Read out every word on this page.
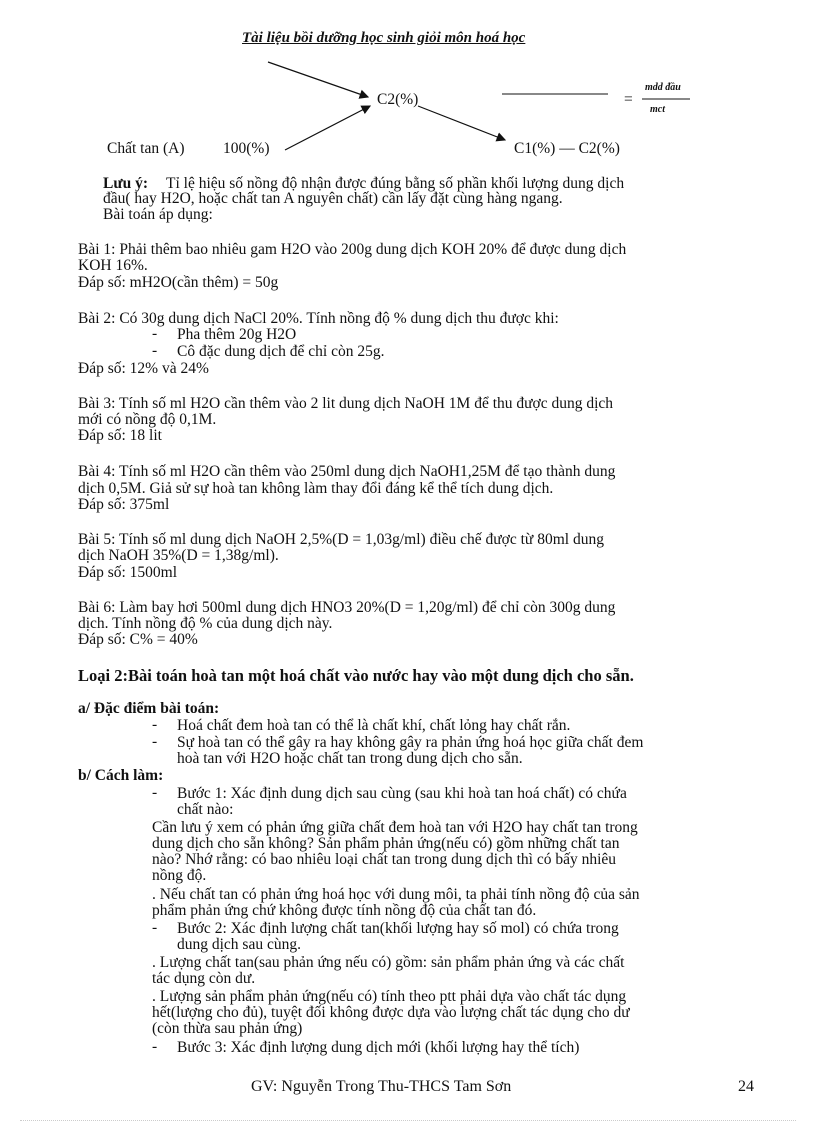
Tài liệu bồi dưỡng học sinh giỏi môn hoá học
C2(%)
Chất tan (A) 100(%)	C1(%) — C2(%)
=
mdd đầu
mct
Lưu ý: Tỉ lệ hiệu số nồng độ nhận được đúng bằng số phần khối lượng dung dịch
đầu( hay H2O, hoặc chất tan A nguyên chất) cần lấy đặt cùng hàng ngang.
Bài toán áp dụng:
Bài 1: Phải thêm bao nhiêu gam H2O vào 200g dung dịch KOH 20% để được dung dịch
KOH 16%.
Đáp số: mH2O(cần thêm) = 50g
Bài 2: Có 30g dung dịch NaCl 20%. Tính nồng độ % dung dịch thu được khi:
- Pha thêm 20g H2O
- Cô đặc dung dịch để chỉ còn 25g.
Đáp số: 12% và 24%
Bài 3: Tính số ml H2O cần thêm vào 2 lit dung dịch NaOH 1M để thu được dung dịch
mới có nồng độ 0,1M.
Đáp số: 18 lit
Bài 4: Tính số ml H2O cần thêm vào 250ml dung dịch NaOH1,25M để tạo thành dung
dịch 0,5M. Giả sử sự hoà tan không làm thay đổi đáng kể thể tích dung dịch.
Đáp số: 375ml
Bài 5: Tính số ml dung dịch NaOH 2,5%(D = 1,03g/ml) điều chế được từ 80ml dung
dịch NaOH 35%(D = 1,38g/ml).
Đáp số: 1500ml
Bài 6: Làm bay hơi 500ml dung dịch HNO3 20%(D = 1,20g/ml) để chỉ còn 300g dung
dịch. Tính nồng độ % của dung dịch này.
Đáp số: C% = 40%
Loại 2:Bài toán hoà tan một hoá chất vào nước hay vào một dung dịch cho sẵn.
a/ Đặc điểm bài toán:
- Hoá chất đem hoà tan có thể là chất khí, chất lỏng hay chất rắn.
- Sự hoà tan có thể gây ra hay không gây ra phản ứng hoá học giữa chất đem
hoà tan với H2O hoặc chất tan trong dung dịch cho sẵn.
b/ Cách làm:
- Bước 1: Xác định dung dịch sau cùng (sau khi hoà tan hoá chất) có chứa
chất nào:
Cần lưu ý xem có phản ứng giữa chất đem hoà tan với H2O hay chất tan trong
dung dịch cho sẵn không? Sản phẩm phản ứng(nếu có) gồm những chất tan
nào? Nhớ rằng: có bao nhiêu loại chất tan trong dung dịch thì có bấy nhiêu
nồng độ.
. Nếu chất tan có phản ứng hoá học với dung môi, ta phải tính nồng độ của sản
phẩm phản ứng chứ không được tính nồng độ của chất tan đó.
- Bước 2: Xác định lượng chất tan(khối lượng hay số mol) có chứa trong
dung dịch sau cùng.
. Lượng chất tan(sau phản ứng nếu có) gồm: sản phẩm phản ứng và các chất
tác dụng còn dư.
. Lượng sản phẩm phản ứng(nếu có) tính theo ptt phải dựa vào chất tác dụng
hết(lượng cho đủ), tuyệt đối không được dựa vào lượng chất tác dụng cho dư
(còn thừa sau phản ứng)
- Bước 3: Xác định lượng dung dịch mới (khối lượng hay thể tích)
GV: Nguyễn Trong Thu-THCS Tam Sơn	24
